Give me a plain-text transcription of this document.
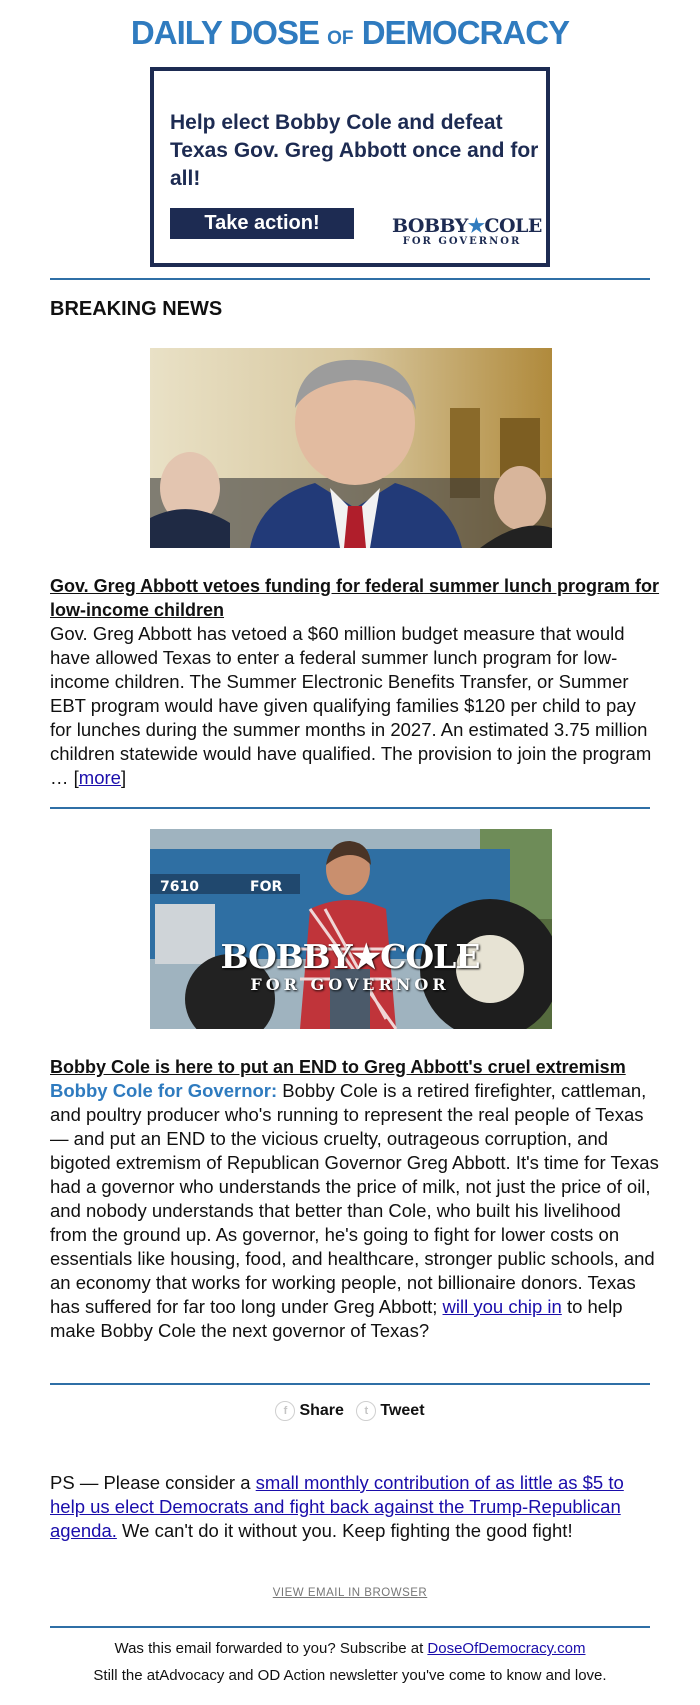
DAILY DOSE OF DEMOCRACY
Help elect Bobby Cole and defeat Texas Gov. Greg Abbott once and for all!
Take action!	BOBBY★COLE
FOR GOVERNOR
BREAKING NEWS
Gov. Greg Abbott vetoes funding for federal summer lunch program for low-income children
Gov. Greg Abbott has vetoed a $60 million budget measure that would have allowed Texas to enter a federal summer lunch program for low-income children. The Summer Electronic Benefits Transfer, or Summer EBT program would have given qualifying families $120 per child to pay for lunches during the summer months in 2027. An estimated 3.75 million children statewide would have qualified. The provision to join the program … [more]
7610	FOR
BOBBY★COLE
FOR GOVERNOR
Bobby Cole is here to put an END to Greg Abbott's cruel extremism
Bobby Cole for Governor: Bobby Cole is a retired firefighter, cattleman, and poultry producer who's running to represent the real people of Texas — and put an END to the vicious cruelty, outrageous corruption, and bigoted extremism of Republican Governor Greg Abbott. It's time for Texas had a governor who understands the price of milk, not just the price of oil, and nobody understands that better than Cole, who built his livelihood from the ground up. As governor, he's going to fight for lower costs on essentials like housing, food, and healthcare, stronger public schools, and an economy that works for working people, not billionaire donors. Texas has suffered for far too long under Greg Abbott; will you chip in to help make Bobby Cole the next governor of Texas?
f Share
	t Tweet
PS — Please consider a small monthly contribution of as little as $5 to help us elect Democrats and fight back against the Trump-Republican agenda. We can't do it without you. Keep fighting the good fight!
VIEW EMAIL IN BROWSER
Was this email forwarded to you? Subscribe at DoseOfDemocracy.com
Still the atAdvocacy and OD Action newsletter you've come to know and love.
